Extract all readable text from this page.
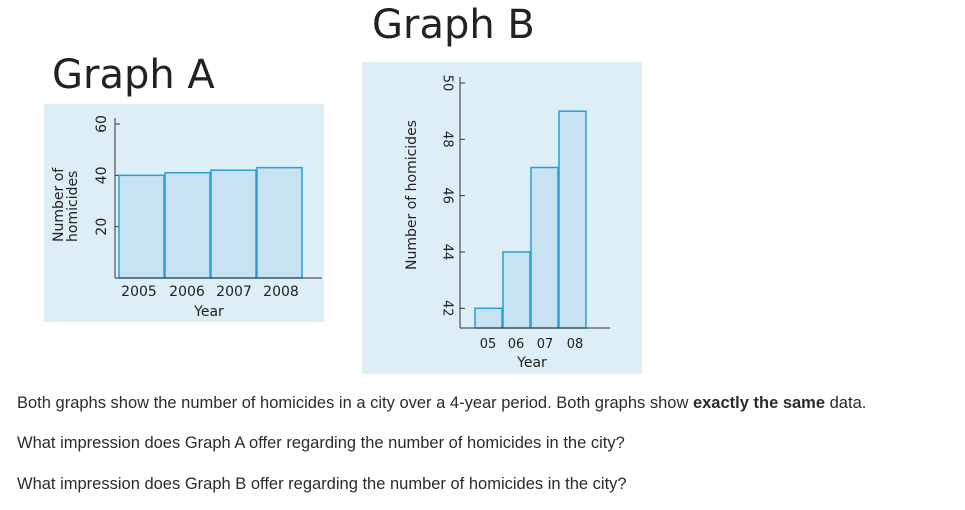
Graph A
Graph B
Number of
homicides 20
40
60
2005 2006 2007 2008
Year
Number of homicides
42
44
46
48
50
05 06 07 08
Year

Both graphs show the number of homicides in a city over a 4-year period. Both graphs show exactly the same data.

What impression does Graph A offer regarding the number of homicides in the city?

What impression does Graph B offer regarding the number of homicides in the city?
